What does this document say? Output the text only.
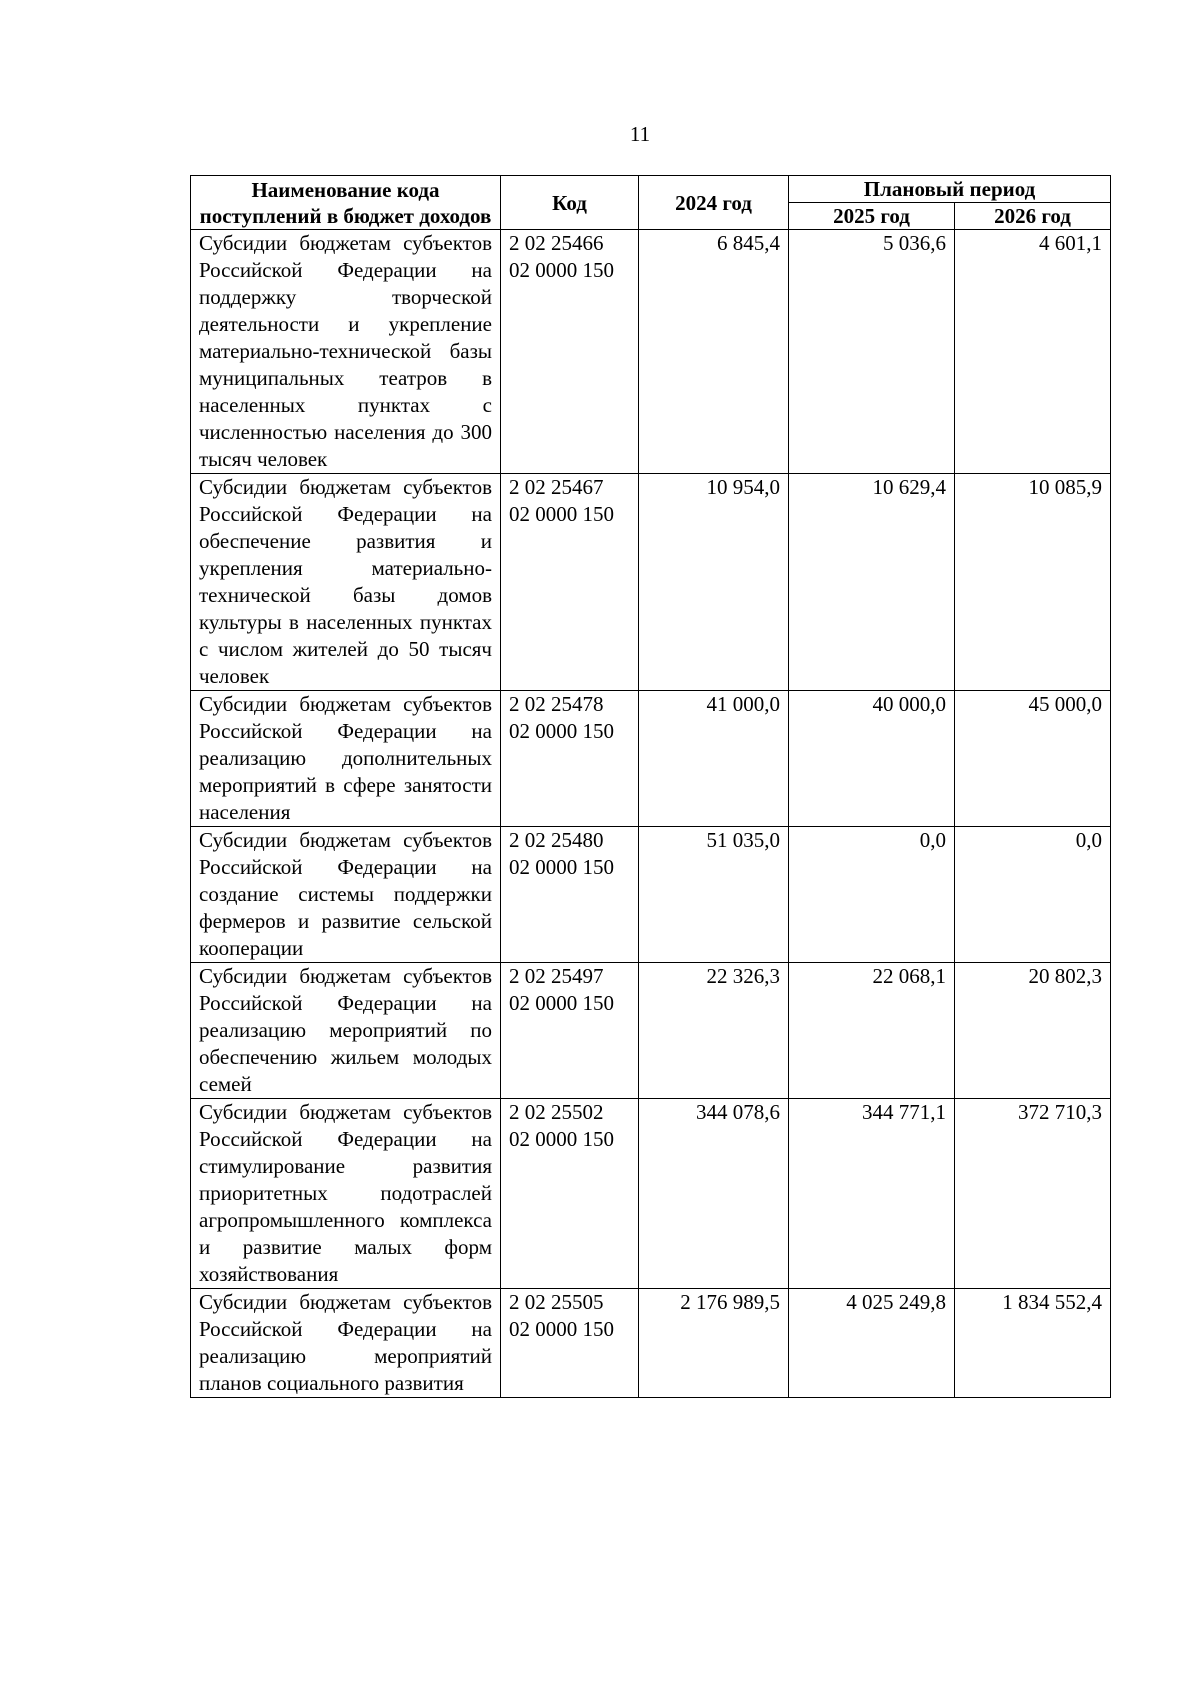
11
Наименование кода поступлений в бюджет доходов	Код	2024 год	Плановый период	
			2025 год	2026 год
Субсидии бюджетам субъектов Российской Федерации на поддержку творческой деятельности и укрепление материально-технической базы муниципальных театров в населенных пунктах с численностью населения до 300 тысяч человек	2 02 25466
02 0000 150	6 845,4	5 036,6	4 601,1
Субсидии бюджетам субъектов Российской Федерации на обеспечение развития и укрепления материально-технической базы домов культуры в населенных пунктах с числом жителей до 50 тысяч человек	2 02 25467
02 0000 150	10 954,0	10 629,4	10 085,9
Субсидии бюджетам субъектов Российской Федерации на реализацию дополнительных мероприятий в сфере занятости населения	2 02 25478
02 0000 150	41 000,0	40 000,0	45 000,0
Субсидии бюджетам субъектов Российской Федерации на создание системы поддержки фермеров и развитие сельской кооперации	2 02 25480
02 0000 150	51 035,0	0,0	0,0
Субсидии бюджетам субъектов Российской Федерации на реализацию мероприятий по обеспечению жильем молодых семей	2 02 25497
02 0000 150	22 326,3	22 068,1	20 802,3
Субсидии бюджетам субъектов Российской Федерации на стимулирование развития приоритетных подотраслей агропромышленного комплекса и развитие малых форм хозяйствования	2 02 25502
02 0000 150	344 078,6	344 771,1	372 710,3
Субсидии бюджетам субъектов Российской Федерации на реализацию мероприятий планов социального развития	2 02 25505
02 0000 150	2 176 989,5	4 025 249,8	1 834 552,4
